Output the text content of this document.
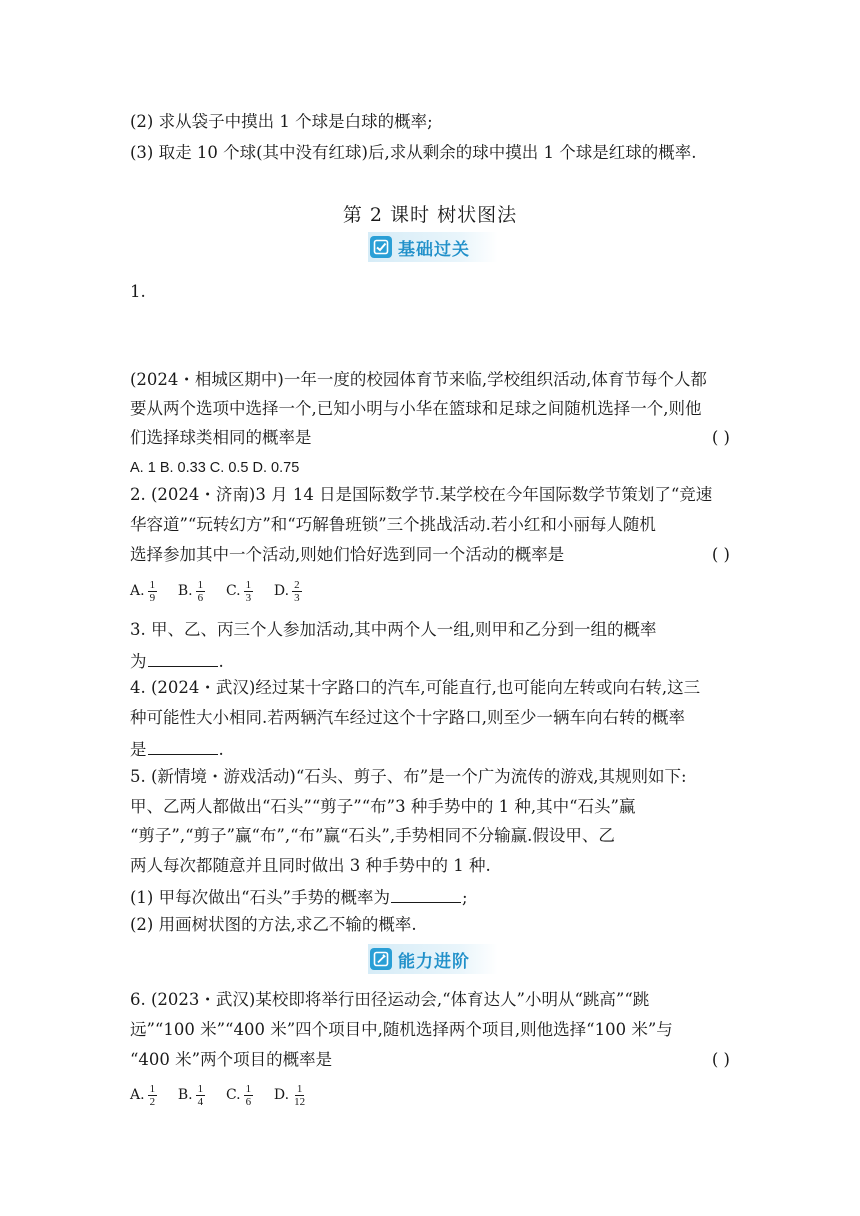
(2) 求从袋子中摸出 1 个球是白球的概率;
(3) 取走 10 个球(其中没有红球)后,求从剩余的球中摸出 1 个球是红球的概率.
第 2 课时 树状图法
基础过关
1.
(2024・相城区期中)一年一度的校园体育节来临,学校组织活动,体育节每个人都
要从两个选项中选择一个,已知小明与小华在篮球和足球之间随机选择一个,则他
们选择球类相同的概率是	( )
A. 1 B. 0.33 C. 0.5 D. 0.75
2. (2024・济南)3 月 14 日是国际数学节.某学校在今年国际数学节策划了“竞速
华容道”“玩转幻方”和“巧解鲁班锁”三个挑战活动.若小红和小丽每人随机
选择参加其中一个活动,则她们恰好选到同一个活动的概率是	( )
A. $\frac{1}{9} B$. $\frac{1}{6} C$. $\frac{1}{3} D$. $\frac{2}{3}$
3. 甲、乙、丙三个人参加活动,其中两个人一组,则甲和乙分到一组的概率
为	.
4. (2024・武汉)经过某十字路口的汽车,可能直行,也可能向左转或向右转,这三
种可能性大小相同.若两辆汽车经过这个十字路口,则至少一辆车向右转的概率
是	.
5. (新情境・游戏活动)“石头、剪子、布”是一个广为流传的游戏,其规则如下:
甲、乙两人都做出“石头”“剪子”“布”3 种手势中的 1 种,其中“石头”赢
“剪子”,“剪子”赢“布”,“布”赢“石头”,手势相同不分输赢.假设甲、乙
两人每次都随意并且同时做出 3 种手势中的 1 种.
(1) 甲每次做出“石头”手势的概率为	;
(2) 用画树状图的方法,求乙不输的概率.
能力进阶
6. (2023・武汉)某校即将举行田径运动会,“体育达人”小明从“跳高”“跳
远”“100 米”“400 米”四个项目中,随机选择两个项目,则他选择“100 米”与
“400 米”两个项目的概率是	( )
A. $\frac{1}{2} B$. $\frac{1}{4} C$. $\frac{1}{6} D$. $\frac{1}{12}$
